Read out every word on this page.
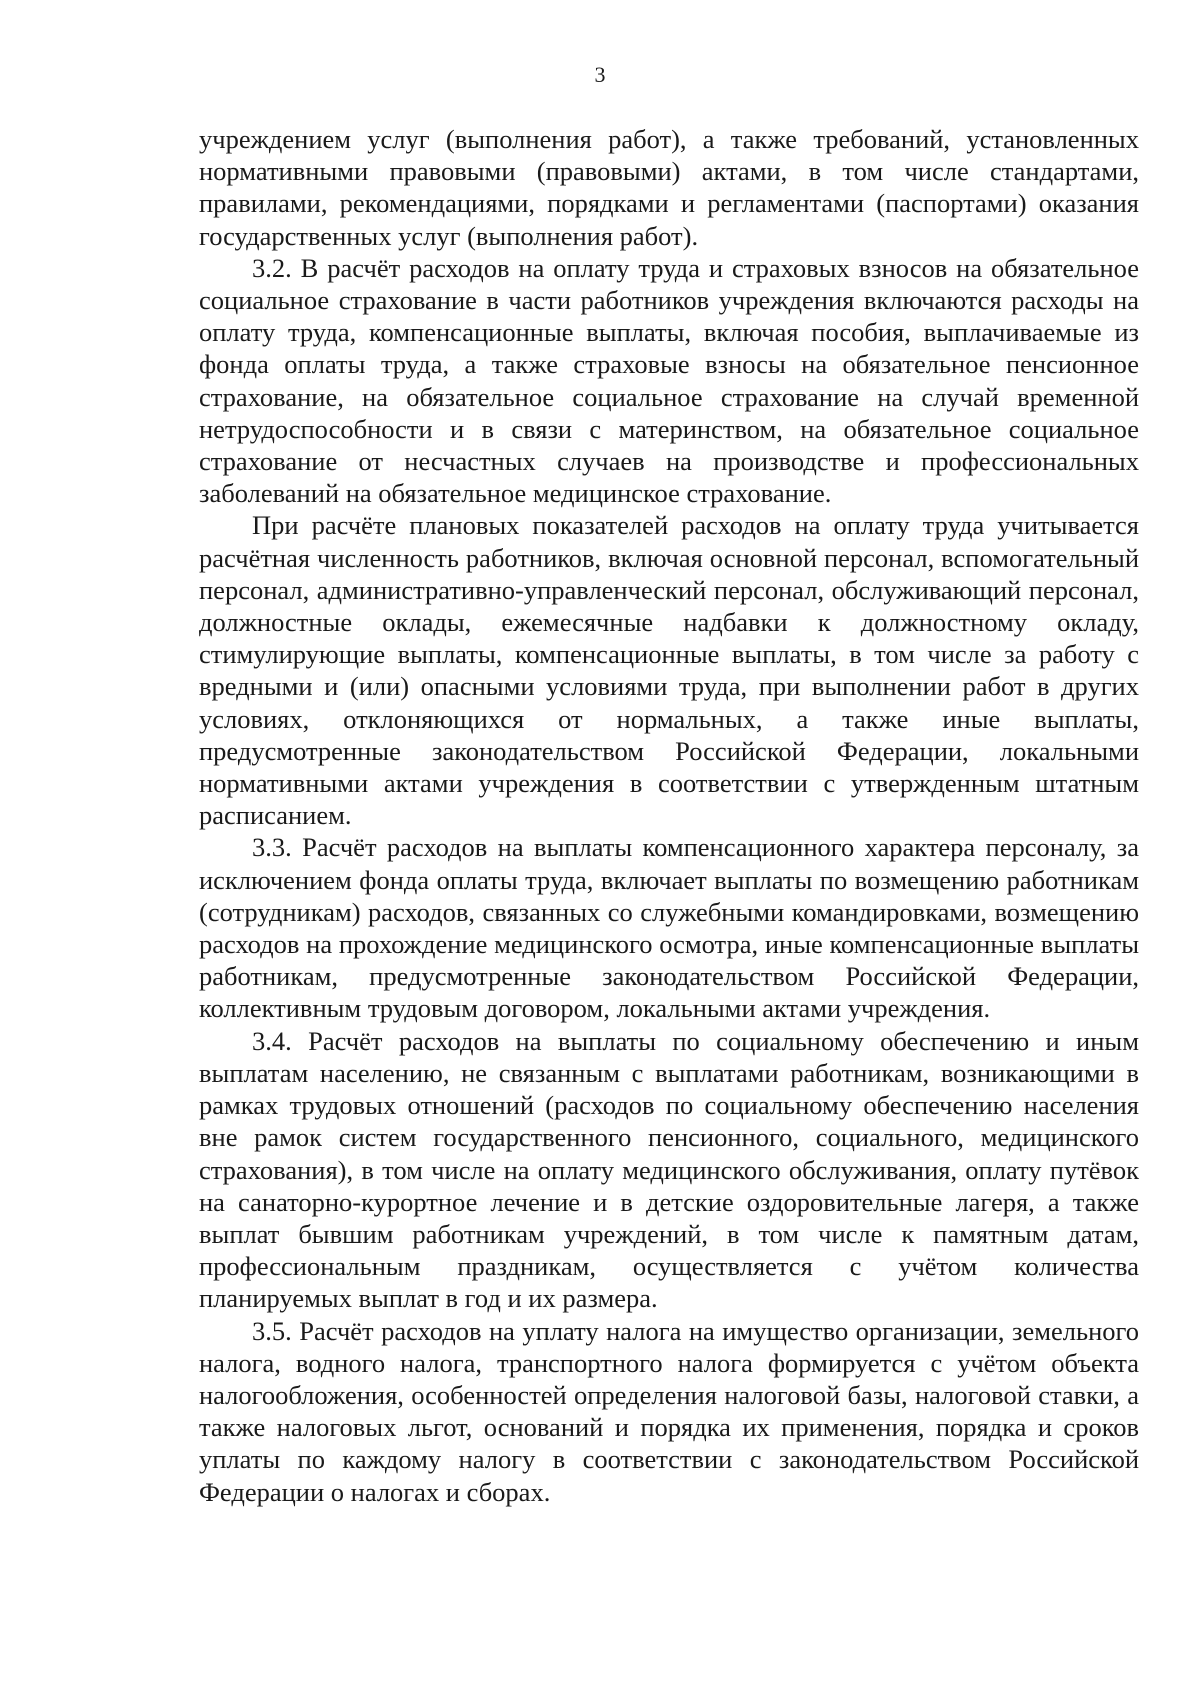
3

учреждением услуг (выполнения работ), а также требований, установленных нормативными правовыми (правовыми) актами, в том числе стандартами, правилами, рекомендациями, порядками и регламентами (паспортами) оказания государственных услуг (выполнения работ).

3.2. В расчёт расходов на оплату труда и страховых взносов на обязательное социальное страхование в части работников учреждения включаются расходы на оплату труда, компенсационные выплаты, включая пособия, выплачиваемые из фонда оплаты труда, а также страховые взносы на обязательное пенсионное страхование, на обязательное социальное страхование на случай временной нетрудоспособности и в связи с материнством, на обязательное социальное страхование от несчастных случаев на производстве и профессиональных заболеваний на обязательное медицинское страхование.

При расчёте плановых показателей расходов на оплату труда учитывается расчётная численность работников, включая основной персонал, вспомогательный персонал, административно-управленческий персонал, обслуживающий персонал, должностные оклады, ежемесячные надбавки к должностному окладу, стимулирующие выплаты, компенсационные выплаты, в том числе за работу с вредными и (или) опасными условиями труда, при выполнении работ в других условиях, отклоняющихся от нормальных, а также иные выплаты, предусмотренные законодательством Российской Федерации, локальными нормативными актами учреждения в соответствии с утвержденным штатным расписанием.

3.3. Расчёт расходов на выплаты компенсационного характера персоналу, за исключением фонда оплаты труда, включает выплаты по возмещению работникам (сотрудникам) расходов, связанных со служебными командировками, возмещению расходов на прохождение медицинского осмотра, иные компенсационные выплаты работникам, предусмотренные законодательством Российской Федерации, коллективным трудовым договором, локальными актами учреждения.

3.4. Расчёт расходов на выплаты по социальному обеспечению и иным выплатам населению, не связанным с выплатами работникам, возникающими в рамках трудовых отношений (расходов по социальному обеспечению населения вне рамок систем государственного пенсионного, социального, медицинского страхования), в том числе на оплату медицинского обслуживания, оплату путёвок на санаторно-курортное лечение и в детские оздоровительные лагеря, а также выплат бывшим работникам учреждений, в том числе к памятным датам, профессиональным праздникам, осуществляется с учётом количества планируемых выплат в год и их размера.

3.5. Расчёт расходов на уплату налога на имущество организации, земельного налога, водного налога, транспортного налога формируется с учётом объекта налогообложения, особенностей определения налоговой базы, налоговой ставки, а также налоговых льгот, оснований и порядка их применения, порядка и сроков уплаты по каждому налогу в соответствии с законодательством Российской Федерации о налогах и сборах.
